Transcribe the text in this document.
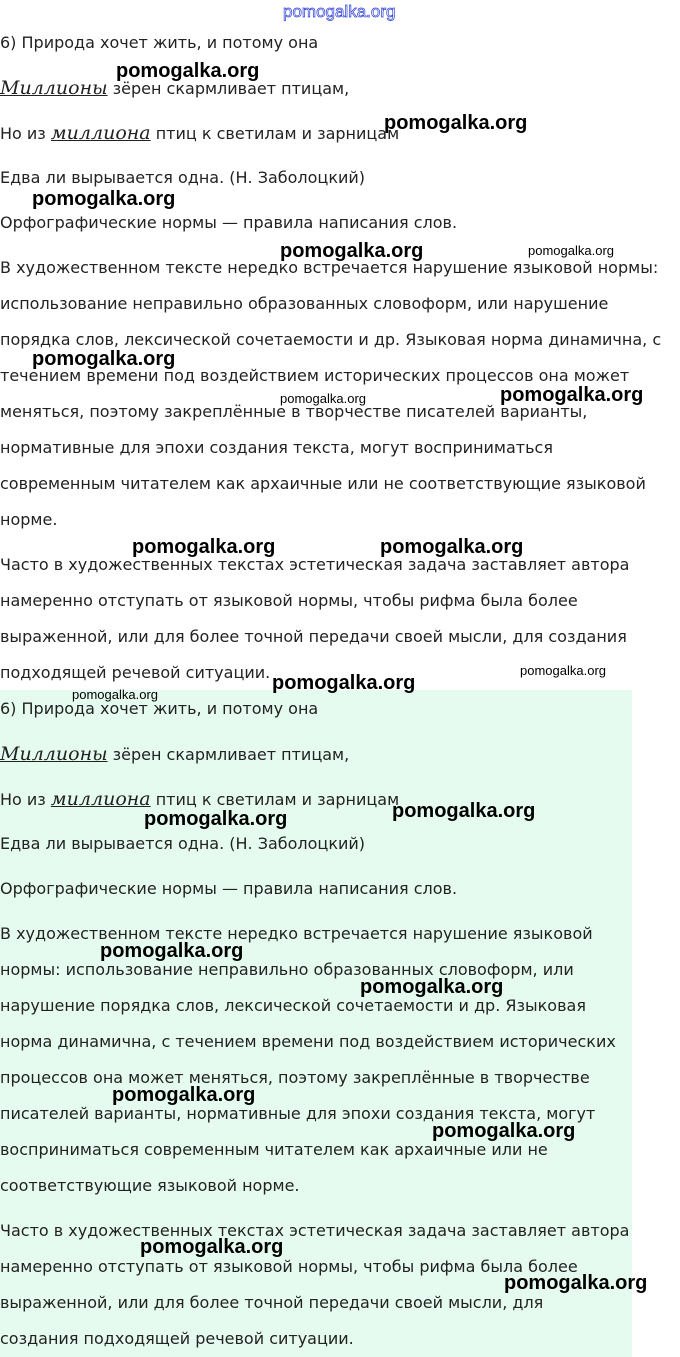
pomogalka.org
6) Природа хочет жить, и потому она
Миллионы зёрен скармливает птицам,
Но из миллиона птиц к светилам и зарницам
Едва ли вырывается одна. (Н. Заболоцкий)
Орфографические нормы — правила написания слов.
В художественном тексте нередко встречается нарушение языковой нормы:
использование неправильно образованных словоформ, или нарушение
порядка слов, лексической сочетаемости и др. Языковая норма динамична, с
течением времени под воздействием исторических процессов она может
меняться, поэтому закреплённые в творчестве писателей варианты,
нормативные для эпохи создания текста, могут восприниматься
современным читателем как архаичные или не соответствующие языковой
норме.
Часто в художественных текстах эстетическая задача заставляет автора
намеренно отступать от языковой нормы, чтобы рифма была более
выраженной, или для более точной передачи своей мысли, для создания
подходящей речевой ситуации.
6) Природа хочет жить, и потому она
Миллионы зёрен скармливает птицам,
Но из миллиона птиц к светилам и зарницам
Едва ли вырывается одна. (Н. Заболоцкий)
Орфографические нормы — правила написания слов.
В художественном тексте нередко встречается нарушение языковой
нормы: использование неправильно образованных словоформ, или
нарушение порядка слов, лексической сочетаемости и др. Языковая
норма динамична, с течением времени под воздействием исторических
процессов она может меняться, поэтому закреплённые в творчестве
писателей варианты, нормативные для эпохи создания текста, могут
восприниматься современным читателем как архаичные или не
соответствующие языковой норме.
Часто в художественных текстах эстетическая задача заставляет автора
намеренно отступать от языковой нормы, чтобы рифма была более
выраженной, или для более точной передачи своей мысли, для
создания подходящей речевой ситуации.
pomogalka.org
pomogalka.org
pomogalka.org
pomogalka.org	pomogalka.org
pomogalka.org
pomogalka.org
pomogalka.org
pomogalka.org	pomogalka.org
pomogalka.org
pomogalka.org
pomogalka.org
pomogalka.org
pomogalka.org
pomogalka.org
pomogalka.org
pomogalka.org
pomogalka.org
pomogalka.org
pomogalka.org
